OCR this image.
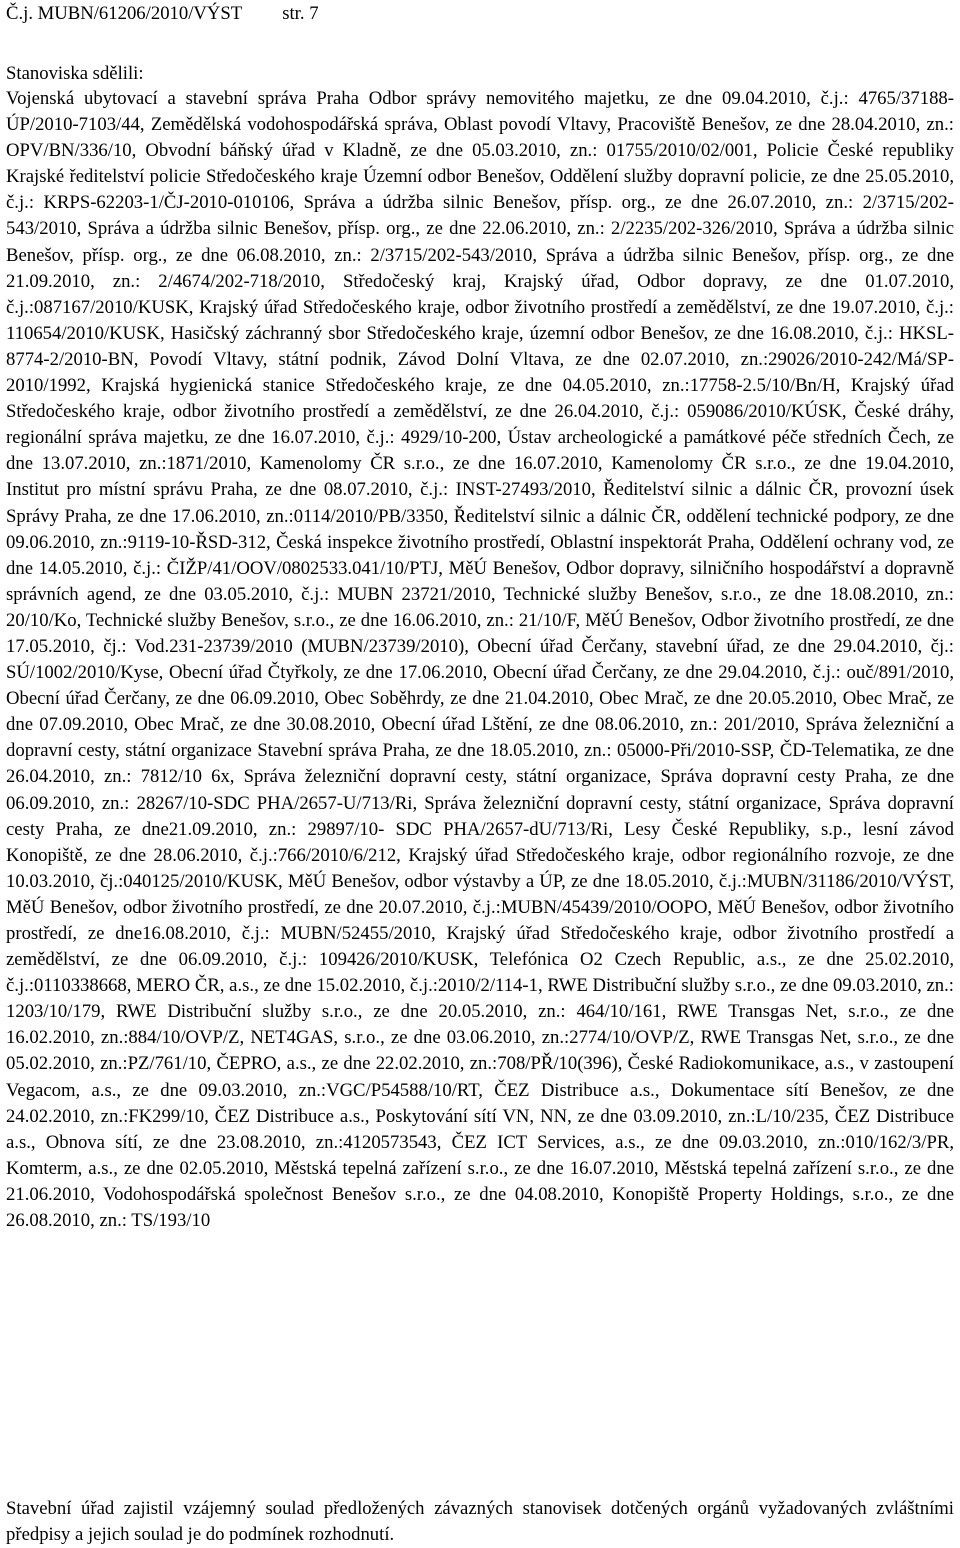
Č.j. MUBN/61206/2010/VÝST str. 7
Stanoviska sdělili:
Vojenská ubytovací a stavební správa Praha Odbor správy nemovitého majetku, ze dne 09.04.2010, č.j.: 4765/37188-ÚP/2010-7103/44, Zemědělská vodohospodářská správa, Oblast povodí Vltavy, Pracoviště Benešov, ze dne 28.04.2010, zn.: OPV/BN/336/10, Obvodní báňský úřad v Kladně, ze dne 05.03.2010, zn.: 01755/2010/02/001, Policie České republiky Krajské ředitelství policie Středočeského kraje Územní odbor Benešov, Oddělení služby dopravní policie, ze dne 25.05.2010, č.j.: KRPS-62203-1/ČJ-2010-010106, Správa a údržba silnic Benešov, přísp. org., ze dne 26.07.2010, zn.: 2/3715/202-543/2010, Správa a údržba silnic Benešov, přísp. org., ze dne 22.06.2010, zn.: 2/2235/202-326/2010, Správa a údržba silnic Benešov, přísp. org., ze dne 06.08.2010, zn.: 2/3715/202-543/2010, Správa a údržba silnic Benešov, přísp. org., ze dne 21.09.2010, zn.: 2/4674/202-718/2010, Středočeský kraj, Krajský úřad, Odbor dopravy, ze dne 01.07.2010, č.j.:087167/2010/KUSK, Krajský úřad Středočeského kraje, odbor životního prostředí a zemědělství, ze dne 19.07.2010, č.j.: 110654/2010/KUSK, Hasičský záchranný sbor Středočeského kraje, územní odbor Benešov, ze dne 16.08.2010, č.j.: HKSL-8774-2/2010-BN, Povodí Vltavy, státní podnik, Závod Dolní Vltava, ze dne 02.07.2010, zn.:29026/2010-242/Má/SP-2010/1992, Krajská hygienická stanice Středočeského kraje, ze dne 04.05.2010, zn.:17758-2.5/10/Bn/H, Krajský úřad Středočeského kraje, odbor životního prostředí a zemědělství, ze dne 26.04.2010, č.j.: 059086/2010/KÚSK, České dráhy, regionální správa majetku, ze dne 16.07.2010, č.j.: 4929/10-200, Ústav archeologické a památkové péče středních Čech, ze dne 13.07.2010, zn.:1871/2010, Kamenolomy ČR s.r.o., ze dne 16.07.2010, Kamenolomy ČR s.r.o., ze dne 19.04.2010, Institut pro místní správu Praha, ze dne 08.07.2010, č.j.: INST-27493/2010, Ředitelství silnic a dálnic ČR, provozní úsek Správy Praha, ze dne 17.06.2010, zn.:0114/2010/PB/3350, Ředitelství silnic a dálnic ČR, oddělení technické podpory, ze dne 09.06.2010, zn.:9119-10-ŘSD-312, Česká inspekce životního prostředí, Oblastní inspektorát Praha, Oddělení ochrany vod, ze dne 14.05.2010, č.j.: ČIŽP/41/OOV/0802533.041/10/PTJ, MěÚ Benešov, Odbor dopravy, silničního hospodářství a dopravně správních agend, ze dne 03.05.2010, č.j.: MUBN 23721/2010, Technické služby Benešov, s.r.o., ze dne 18.08.2010, zn.: 20/10/Ko, Technické služby Benešov, s.r.o., ze dne 16.06.2010, zn.: 21/10/F, MěÚ Benešov, Odbor životního prostředí, ze dne 17.05.2010, čj.: Vod.231-23739/2010 (MUBN/23739/2010), Obecní úřad Čerčany, stavební úřad, ze dne 29.04.2010, čj.: SÚ/1002/2010/Kyse, Obecní úřad Čtyřkoly, ze dne 17.06.2010, Obecní úřad Čerčany, ze dne 29.04.2010, č.j.: ouč/891/2010, Obecní úřad Čerčany, ze dne 06.09.2010, Obec Soběhrdy, ze dne 21.04.2010, Obec Mrač, ze dne 20.05.2010, Obec Mrač, ze dne 07.09.2010, Obec Mrač, ze dne 30.08.2010, Obecní úřad Lštění, ze dne 08.06.2010, zn.: 201/2010, Správa železniční a dopravní cesty, státní organizace Stavební správa Praha, ze dne 18.05.2010, zn.: 05000-Při/2010-SSP, ČD-Telematika, ze dne 26.04.2010, zn.: 7812/10 6x, Správa železniční dopravní cesty, státní organizace, Správa dopravní cesty Praha, ze dne 06.09.2010, zn.: 28267/10-SDC PHA/2657-U/713/Ri, Správa železniční dopravní cesty, státní organizace, Správa dopravní cesty Praha, ze dne21.09.2010, zn.: 29897/10- SDC PHA/2657-dU/713/Ri, Lesy České Republiky, s.p., lesní závod Konopiště, ze dne 28.06.2010, č.j.:766/2010/6/212, Krajský úřad Středočeského kraje, odbor regionálního rozvoje, ze dne 10.03.2010, čj.:040125/2010/KUSK, MěÚ Benešov, odbor výstavby a ÚP, ze dne 18.05.2010, č.j.:MUBN/31186/2010/VÝST, MěÚ Benešov, odbor životního prostředí, ze dne 20.07.2010, č.j.:MUBN/45439/2010/OOPO, MěÚ Benešov, odbor životního prostředí, ze dne16.08.2010, č.j.: MUBN/52455/2010, Krajský úřad Středočeského kraje, odbor životního prostředí a zemědělství, ze dne 06.09.2010, č.j.: 109426/2010/KUSK, Telefónica O2 Czech Republic, a.s., ze dne 25.02.2010, č.j.:0110338668, MERO ČR, a.s., ze dne 15.02.2010, č.j.:2010/2/114-1, RWE Distribuční služby s.r.o., ze dne 09.03.2010, zn.: 1203/10/179, RWE Distribuční služby s.r.o., ze dne 20.05.2010, zn.: 464/10/161, RWE Transgas Net, s.r.o., ze dne 16.02.2010, zn.:884/10/OVP/Z, NET4GAS, s.r.o., ze dne 03.06.2010, zn.:2774/10/OVP/Z, RWE Transgas Net, s.r.o., ze dne 05.02.2010, zn.:PZ/761/10, ČEPRO, a.s., ze dne 22.02.2010, zn.:708/PŘ/10(396), České Radiokomunikace, a.s., v zastoupení Vegacom, a.s., ze dne 09.03.2010, zn.:VGC/P54588/10/RT, ČEZ Distribuce a.s., Dokumentace sítí Benešov, ze dne 24.02.2010, zn.:FK299/10, ČEZ Distribuce a.s., Poskytování sítí VN, NN, ze dne 03.09.2010, zn.:L/10/235, ČEZ Distribuce a.s., Obnova sítí, ze dne 23.08.2010, zn.:4120573543, ČEZ ICT Services, a.s., ze dne 09.03.2010, zn.:010/162/3/PR, Komterm, a.s., ze dne 02.05.2010, Městská tepelná zařízení s.r.o., ze dne 16.07.2010, Městská tepelná zařízení s.r.o., ze dne 21.06.2010, Vodohospodářská společnost Benešov s.r.o., ze dne 04.08.2010, Konopiště Property Holdings, s.r.o., ze dne 26.08.2010, zn.: TS/193/10
Stavební úřad zajistil vzájemný soulad předložených závazných stanovisek dotčených orgánů vyžadovaných zvláštními předpisy a jejich soulad je do podmínek rozhodnutí.
